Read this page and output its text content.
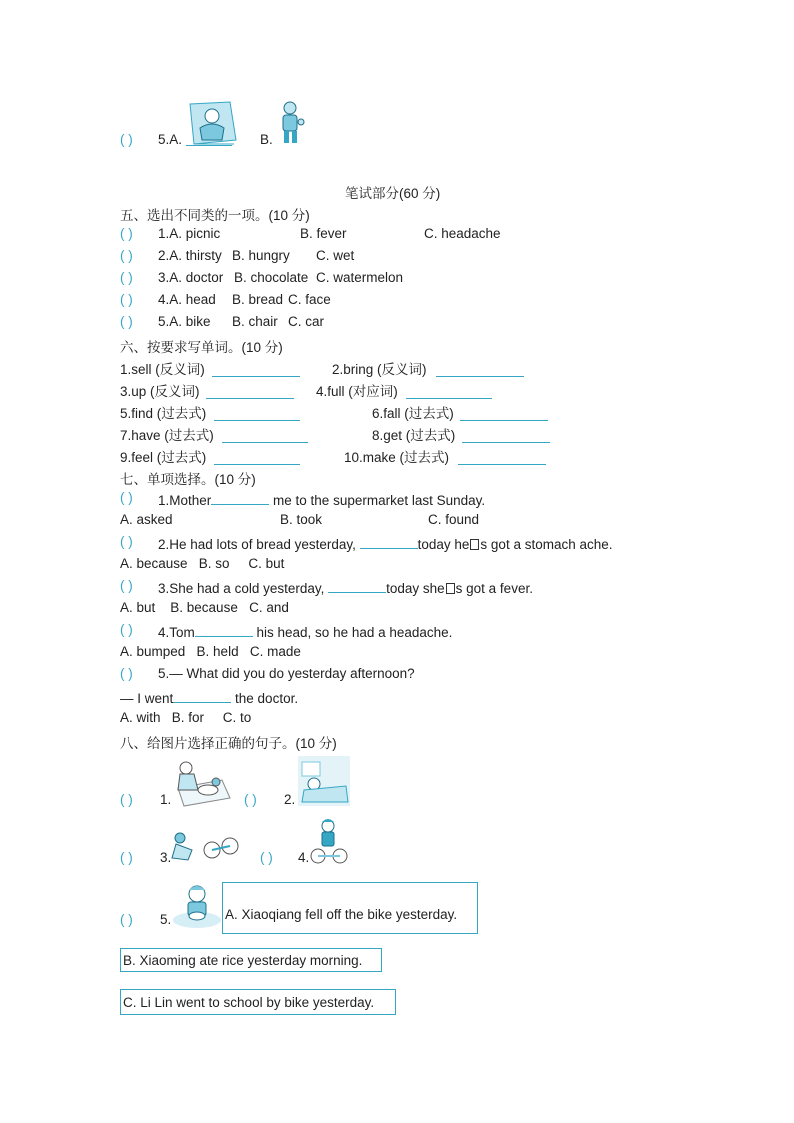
( ) 5.A.	B.
笔试部分(60 分)
五、选出不同类的一项。(10 分)
( ) 1.A. picnic	B. fever	C. headache
( ) 2.A. thirsty B. hungry C. wet
( ) 3.A. doctor B. chocolate C. watermelon
( ) 4.A. head B. bread C. face
( ) 5.A. bike B. chair C. car
六、按要求写单词。(10 分)
1.sell (反义词)	2.bring (反义词)
3.up (反义词)	4.full (对应词)
5.find (过去式)	6.fall (过去式)
7.have (过去式)	8.get (过去式)
9.feel (过去式)	10.make (过去式)
七、单项选择。(10 分)
( ) 1.Mother	me to the supermarket last Sunday.
A. asked	B. took	C. found
( ) 2.He had lots of bread yesterday,	today he s got a stomach ache.
A. because   B. so     C. but
( ) 3.She had a cold yesterday,	today she s got a fever.
A. but    B. because   C. and
( ) 4.Tom	his head, so he had a headache.
A. bumped   B. held   C. made
( ) 5.— What did you do yesterday afternoon?
— I went	the doctor.
A. with   B. for     C. to
八、给图片选择正确的句子。(10 分)
( ) 1.	( ) 2.
( ) 3.	( ) 4.
( ) 5.	A. Xiaoqiang fell off the bike yesterday.
B. Xiaoming ate rice yesterday morning.
C. Li Lin went to school by bike yesterday.
